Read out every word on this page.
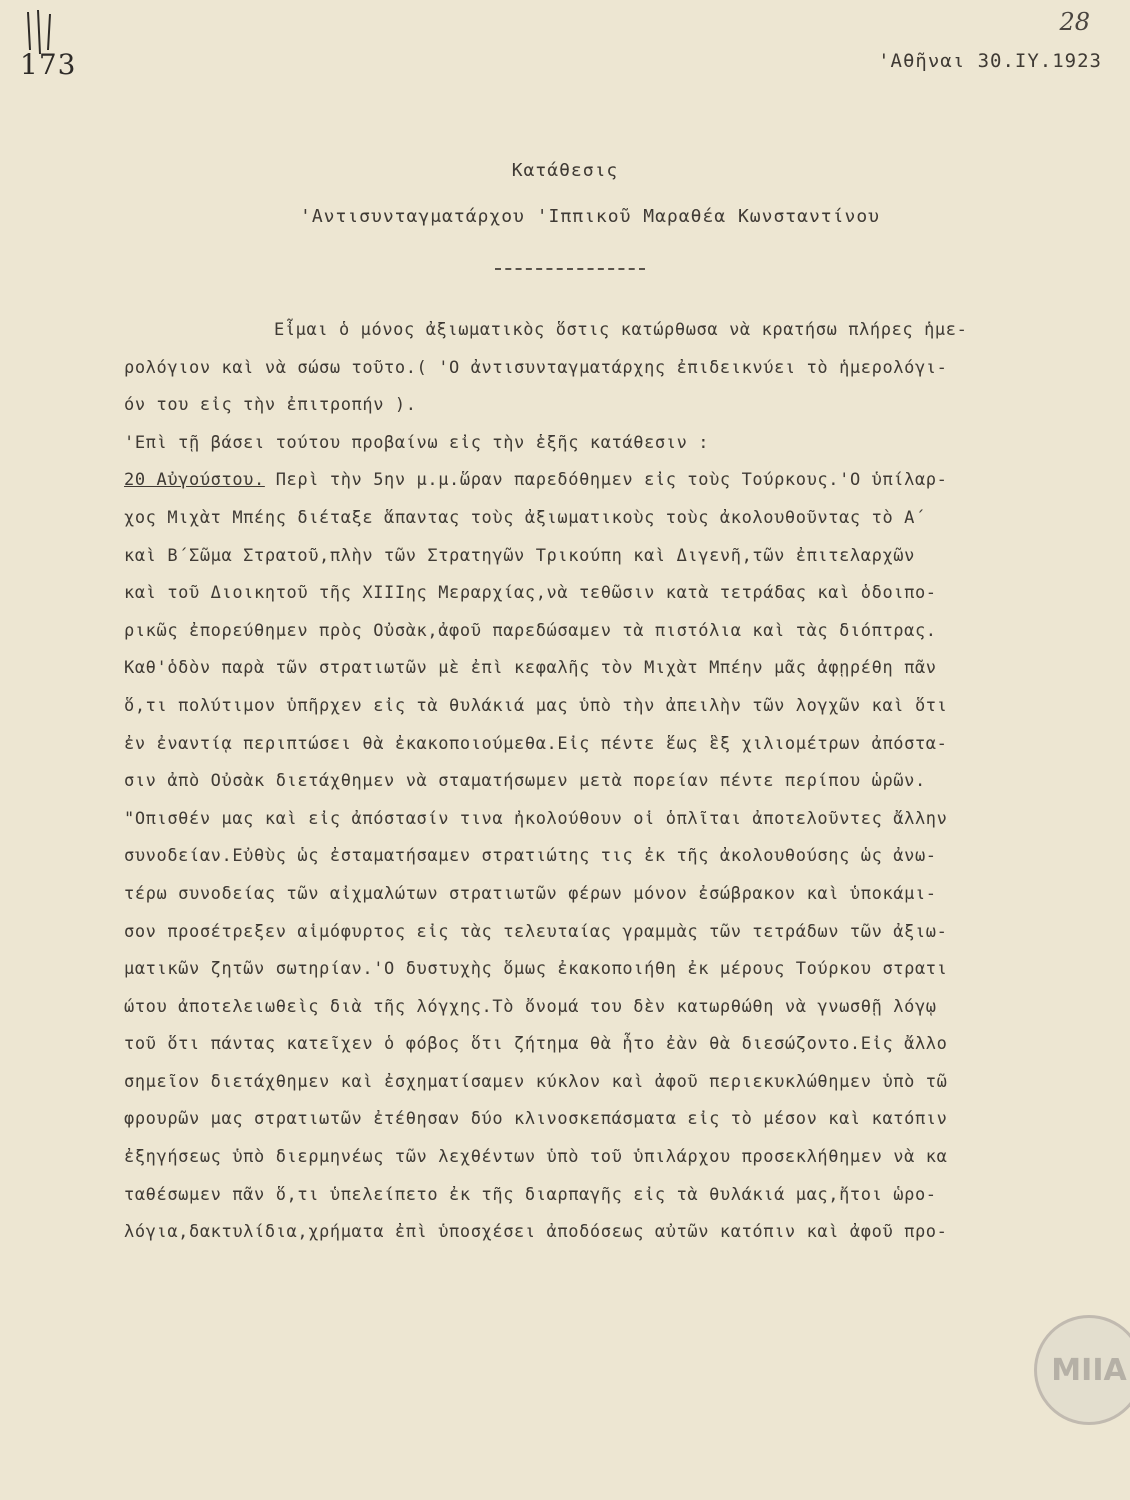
173
28
'Αθῆναι 30.ΙΥ.1923
Κατάθεσις
'Αντισυνταγματάρχου 'Ιππικοῦ Μαραθέα Κωνσταντίνου
Εἶμαι ὁ μόνος ἀξιωματικὸς ὅστις κατώρθωσα νὰ κρατήσω πλήρες ἡμε-
ρολόγιον καὶ νὰ σώσω τοῦτο.( 'Ο ἀντισυνταγματάρχης ἐπιδεικνύει τὸ ἡμερολόγι-
όν του εἰς τὴν ἐπιτροπήν ).
'Επὶ τῇ βάσει τούτου προβαίνω εἰς τὴν ἑξῆς κατάθεσιν :
20 Αὐγούστου. Περὶ τὴν 5ην μ.μ.ὥραν παρεδόθημεν εἰς τοὺς Τούρκους.'Ο ὑπίλαρ-
χος Μιχὰτ Μπέης διέταξε ἅπαντας τοὺς ἀξιωματικοὺς τοὺς ἀκολουθοῦντας τὸ Α΄
καὶ Β΄Σῶμα Στρατοῦ,πλὴν τῶν Στρατηγῶν Τρικούπη καὶ Διγενῆ,τῶν ἐπιτελαρχῶν
καὶ τοῦ Διοικητοῦ τῆς ΧΙΙΙης Μεραρχίας,νὰ τεθῶσιν κατὰ τετράδας καὶ ὁδοιπο-
ρικῶς ἐπορεύθημεν πρὸς Οὐσὰκ,ἀφοῦ παρεδώσαμεν τὰ πιστόλια καὶ τὰς διόπτρας.
Καθ'ὁδὸν παρὰ τῶν στρατιωτῶν μὲ ἐπὶ κεφαλῆς τὸν Μιχὰτ Μπέην μᾶς ἀφῃρέθη πᾶν
ὅ,τι πολύτιμον ὑπῆρχεν εἰς τὰ θυλάκιά μας ὑπὸ τὴν ἀπειλὴν τῶν λογχῶν καὶ ὅτι
ἐν ἐναντίᾳ περιπτώσει θὰ ἐκακοποιούμεθα.Εἰς πέντε ἕως ἓξ χιλιομέτρων ἀπόστα-
σιν ἀπὸ Οὐσὰκ διετάχθημεν νὰ σταματήσωμεν μετὰ πορείαν πέντε περίπου ὡρῶν.
"Οπισθέν μας καὶ εἰς ἀπόστασίν τινα ἠκολούθουν οἱ ὁπλῖται ἀποτελοῦντες ἄλλην
συνοδείαν.Εὐθὺς ὡς ἐσταματήσαμεν στρατιώτης τις ἐκ τῆς ἀκολουθούσης ὡς ἀνω-
τέρω συνοδείας τῶν αἰχμαλώτων στρατιωτῶν φέρων μόνον ἐσώβρακον καὶ ὑποκάμι-
σον προσέτρεξεν αἱμόφυρτος εἰς τὰς τελευταίας γραμμὰς τῶν τετράδων τῶν ἀξιω-
ματικῶν ζητῶν σωτηρίαν.'Ο δυστυχὴς ὅμως ἐκακοποιήθη ἐκ μέρους Τούρκου στρατι
ώτου ἀποτελειωθεὶς διὰ τῆς λόγχης.Τὸ ὄνομά του δὲν κατωρθώθη νὰ γνωσθῇ λόγῳ
τοῦ ὅτι πάντας κατεῖχεν ὁ φόβος ὅτι ζήτημα θὰ ἦτο ἐὰν θὰ διεσώζοντο.Εἰς ἄλλο
σημεῖον διετάχθημεν καὶ ἐσχηματίσαμεν κύκλον καὶ ἀφοῦ περιεκυκλώθημεν ὑπὸ τῶ
φρουρῶν μας στρατιωτῶν ἐτέθησαν δύο κλινοσκεπάσματα εἰς τὸ μέσον καὶ κατόπιν
ἐξηγήσεως ὑπὸ διερμηνέως τῶν λεχθέντων ὑπὸ τοῦ ὑπιλάρχου προσεκλήθημεν νὰ κα
ταθέσωμεν πᾶν ὅ,τι ὑπελείπετο ἐκ τῆς διαρπαγῆς εἰς τὰ θυλάκιά μας,ἤτοι ὡρο-
λόγια,δακτυλίδια,χρήματα ἐπὶ ὑποσχέσει ἀποδόσεως αὐτῶν κατόπιν καὶ ἀφοῦ προ-
ΜΙΙΑ
